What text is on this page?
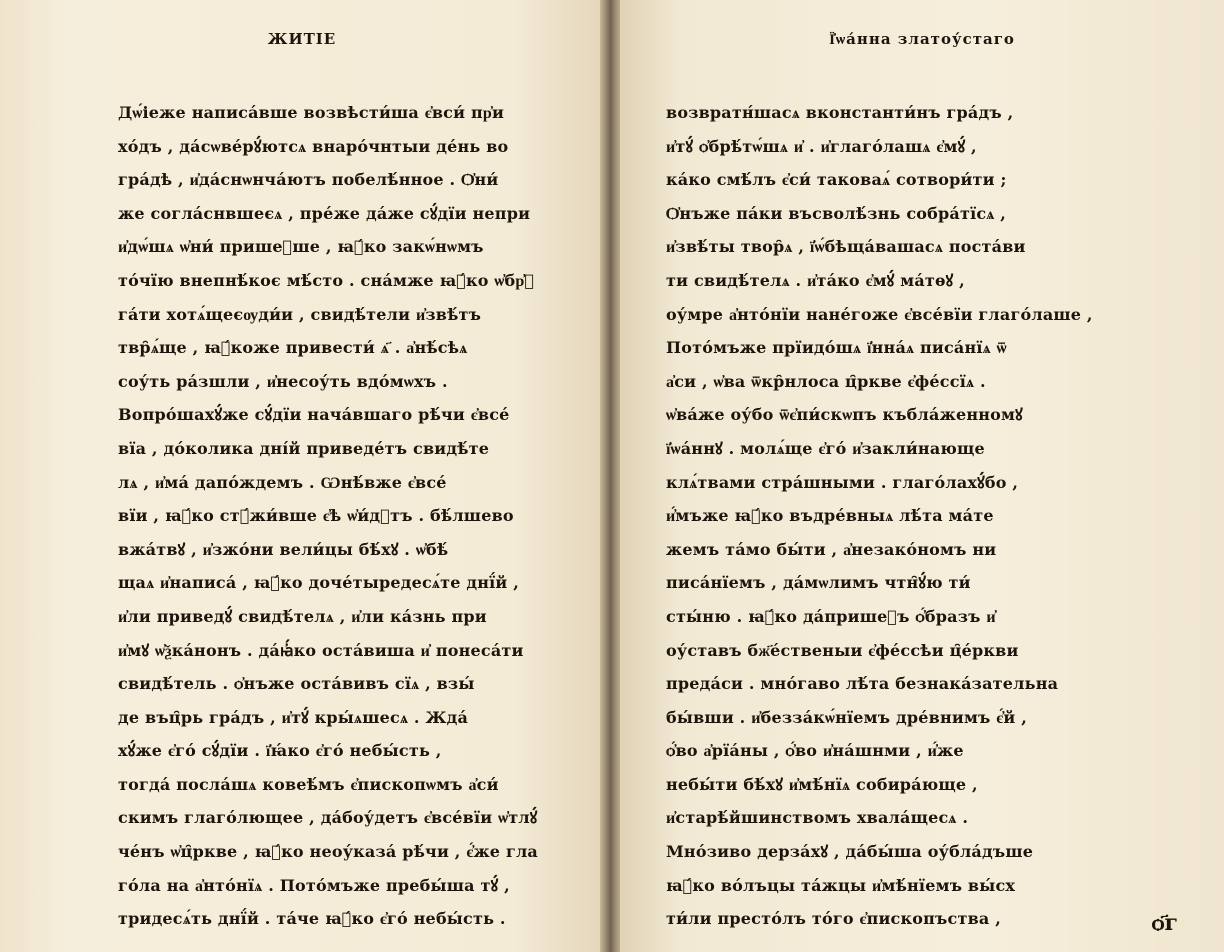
ЖИТІЕ
Дѡ́іеже написа́вше возвѣсти́ша є҆вси́ пр҆и
хо́дъ , да́сѡве́рꙋ́ютсѧ внаро́чнтыи де́нь во
гра́дѣ , и҆да́снѡнча́ютъ побелѣ́нное . Ѻ҆ни́
же согла́снвшеєѧ , пре́же да́же сꙋ́дїи непри
и҆дѡ́шѧ ѡ҆ни́ пришеⷣше , ꙗ҆́ко закѡ́нѡмъ
то́чїю внепнѣ́коє мѣ́сто . сна́мже ꙗ҆́ко ѡ҆бр҆ꙋ
га́ти хотѧ́щеєѹди́и , свидѣ́тели и҆звѣ́тъ
твр̑ѧ́ще , ꙗ҆́коже привести́ ѧ҃ . а҆нѣ́сѣѧ
соу́ть ра́зшли , и҆несоу́ть вдо́мѡхъ .
Вопро́шахꙋ́же сꙋ́дїи нача́вшаго рѣ́чи є҆все́
вїа , до́колика дні́й приведе́тъ свидѣ́те
лѧ , и҆ма́ дапо́ждемъ . Ѡнѣ́вже є҆все́
вїи , ꙗ҆́ко стꙋ́жи́вше є҆ѣ ѡ҆и́дꙋтъ . бѣ́лшево
вжа́твꙋ , и҆зжо́ни вели́цы бѣ́хꙋ . ѡ҆бѣ́
щаѧ и҆написа́ , ꙗ҆́ко доче́тыредесѧ́те днї́й ,
и҆ли приведꙋ́ свидѣ́телѧ , и҆ли ка́знь при
и҆мꙋ ѡ҆ѯка́нонъ . да́ꙗ҆́ко оста́виша и҆ понеса́ти
свидѣ́тель . ѻ҆нъже оста́вивъ сїѧ , взы́
де въц̑рь гра́дъ , и҆тꙋ́ кры́ѧшесѧ . Жда́
хꙋ́же є҆го́ сꙋ́дїи . ї҆ꙗ́ко є҆го́ небы́сть ,
тогда́ посла́шѧ ковеѣ́мъ є҆пископѡмъ а҆си́
скимъ глаго́лющее , да́боу́детъ є҆все́вїи ѡ҆тлꙋ́
че́нъ ѡ҆ц̑ркве , ꙗ҆́ко неоу́каза́ рѣ́чи , є҆́же гла
го́ла на а҆нто́нїѧ . Пото́мъже пребы́ша тꙋ́ ,
тридесѧ́ть днї́й . та́че ꙗ҆́ко є҆го́ небы́сть .
Ї҆ѡа́нна златоу́стаго
возвратн́шасѧ вконстанти́нъ гра́дъ ,
и҆тꙋ́ ѻ҆брѣ́тѡ́шѧ и҆ . и҆глаго́лашѧ є҆мꙋ́ ,
ка́ко смѣ́лъ є҆си́ таковаѧ́ сотвори́ти ;
Ѻ҆нъже па́ки въсволѣ́знь собра́тїсѧ ,
и҆звѣ́ты твор̑ѧ , ї҆ѡ́бѣща́вашасѧ поста́ви
ти свидѣ́телѧ . и҆та́ко є҆мꙋ́ ма́тѳꙋ ,
оу́мре а҆нто́нїи нане́гоже є҆все́вїи глаго́лаше ,
Пото́мъже прїидо́шѧ ї҆нна́ѧ писа́нїѧ ѿ
а҆си , ѡ҆ва ѿкр̑нлоса ц̑ркве є҆фе́ссїѧ .
ѡ҆ва́же оу́бо ѿє҆пи́скѡпъ къбла́женномꙋ
ї҆ѡа́ннꙋ . молѧ́ще є҆го́ и҆закли́нающе
клѧ́твами стра́шными . глаго́лахꙋ́бо ,
и҆́мъже ꙗ҆́ко въдре́вныѧ лѣ́та ма́те
жемъ та́мо бы́ти , а҆незако́номъ ни
писа́нїемъ , да́мѡлимъ чтн̑ꙋ́ю ти́
сты́ню . ꙗ҆́ко да́пришеⷣъ ѻ҆́бразъ и҆
оу́ставъ бж҃е́ственыи є҆фе́ссѣи ц̑е́ркви
преда́си . мно́гаво лѣ́та безнака́зательна
бы́вши . и҆безза́кѡ́нїемъ дре́внимъ є҆́й ,
ѻ҆́во а҆рїа́ны , ѻ҆́во и҆на́шнми , и҆́же
небы́ти бѣ́хꙋ и҆мѣ́нїѧ собира́юще ,
и҆старѣ́йшинствомъ хвала́щесѧ .
Мно́зиво дерза́хꙋ , да́бы́ша оу́бла́дъше
ꙗ҆́ко во́лъцы та́жцы и҆мѣ́нїемъ вы́сх
ти́ли престо́лъ то́го є҆пископъства ,	ѻ҃г
